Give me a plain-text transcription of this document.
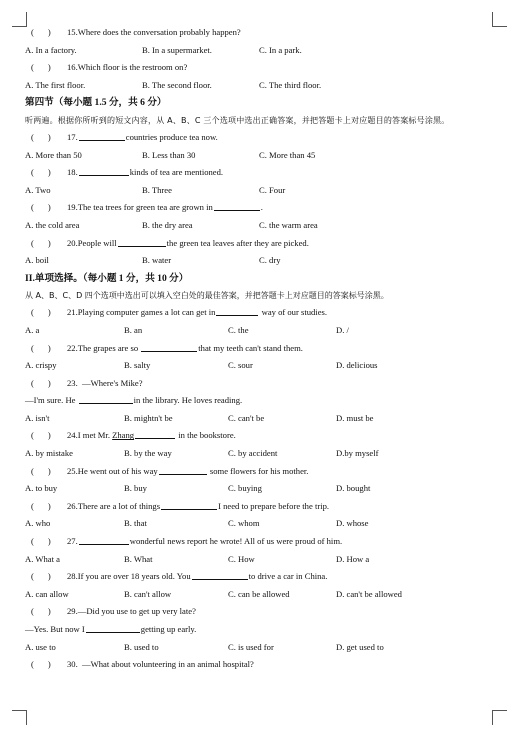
( ) 15.Where does the conversation probably happen?
A. In a factory.	B. In a supermarket.	C. In a park.
( ) 16.Which floor is the restroom on?
A. The first floor.	B. The second floor.	C. The third floor.
第四节（每小题 1.5 分，共 6 分）
听两遍。根据你所听到的短文内容，从 A、B、C 三个选项中选出正确答案，并把答题卡上对应题目的答案标号涂黑。
( ) 17.	countries produce tea now.
A. More than 50	B. Less than 30	C. More than 45
( ) 18.	kinds of tea are mentioned.
A. Two	B. Three	C. Four
( ) 19.The tea trees for green tea are grown in	.
A. the cold area	B. the dry area	C. the warm area
( ) 20.People will	the green tea leaves after they are picked.
A. boil	B. water	C. dry
II.单项选择。（每小题 1 分，共 10 分）
从 A、B、C、D 四个选项中选出可以填入空白处的最佳答案，并把答题卡上对应题目的答案标号涂黑。
( ) 21.Playing computer games a lot can get in	way of our studies.
A. a	B. an	C. the	D. /
( ) 22.The grapes are so	that my teeth can't stand them.
A. crispy	B. salty	C. sour	D. delicious
( ) 23. —Where's Mike?
—I'm sure. He	in the library. He loves reading.
A. isn't	B. mightn't be	C. can't be	D. must be
( ) 24.I met Mr. Zhang	in the bookstore.
A. by mistake	B. by the way	C. by accident	D.by myself
( ) 25.He went out of his way	some flowers for his mother.
A. to buy	B. buy	C. buying	D. bought
( ) 26.There are a lot of things	I need to prepare before the trip.
A. who	B. that	C. whom	D. whose
( ) 27.	wonderful news report he wrote! All of us were proud of him.
A. What a	B. What	C. How	D. How a
( ) 28.If you are over 18 years old. You	to drive a car in China.
A. can allow	B. can't allow	C. can be allowed	D. can't be allowed
( ) 29.—Did you use to get up very late?
—Yes. But now I	getting up early.
A. use to	B. used to	C. is used for	D. get used to
( ) 30. —What about volunteering in an animal hospital?
